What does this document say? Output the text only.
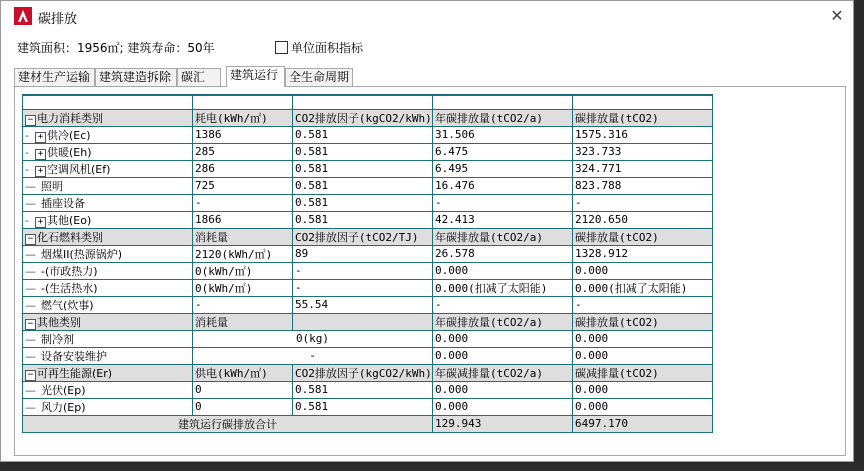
碳排放	✕
建筑面积：1956㎡; 建筑寿命：50年	单位面积指标
建材生产运输 建筑建造拆除 碳汇	建筑运行 全生命周期

− 电力消耗类别	耗电(kWh/㎡)	CO2排放因子(kgCO2/kWh)	年碳排放量(tCO2/a)	碳排放量(tCO2)
- + 供冷(Ec)	1386	0.581	31.506	1575.316
- + 供暖(Eh)	285	0.581	6.475	323.733
- + 空调风机(Ef)	286	0.581	6.495	324.771
— 照明	725	0.581	16.476	823.788
— 插座设备	-	0.581	-	-
- + 其他(Eo)	1866	0.581	42.413	2120.650
− 化石燃料类别	消耗量	CO2排放因子(tCO2/TJ)	年碳排放量(tCO2/a)	碳排放量(tCO2)
— 烟煤II(热源锅炉)	2120(kWh/㎡)	89	26.578	1328.912
— -(市政热力)	0(kWh/㎡)	-	0.000	0.000
— -(生活热水)	0(kWh/㎡)	-	0.000(扣减了太阳能)	0.000(扣减了太阳能)
— 燃气(炊事)	-	55.54	-	-
− 其他类别	消耗量		年碳排放量(tCO2/a)	碳排放量(tCO2)
— 制冷剂	0(kg)		0.000	0.000
— 设备安装维护	-		0.000	0.000
− 可再生能源(Er)	供电(kWh/㎡)	CO2排放因子(kgCO2/kWh)	年碳减排量(tCO2/a)	碳减排量(tCO2)
— 光伏(Ep)	0	0.581	0.000	0.000
— 风力(Ep)	0	0.581	0.000	0.000
建筑运行碳排放合计			129.943	6497.170
